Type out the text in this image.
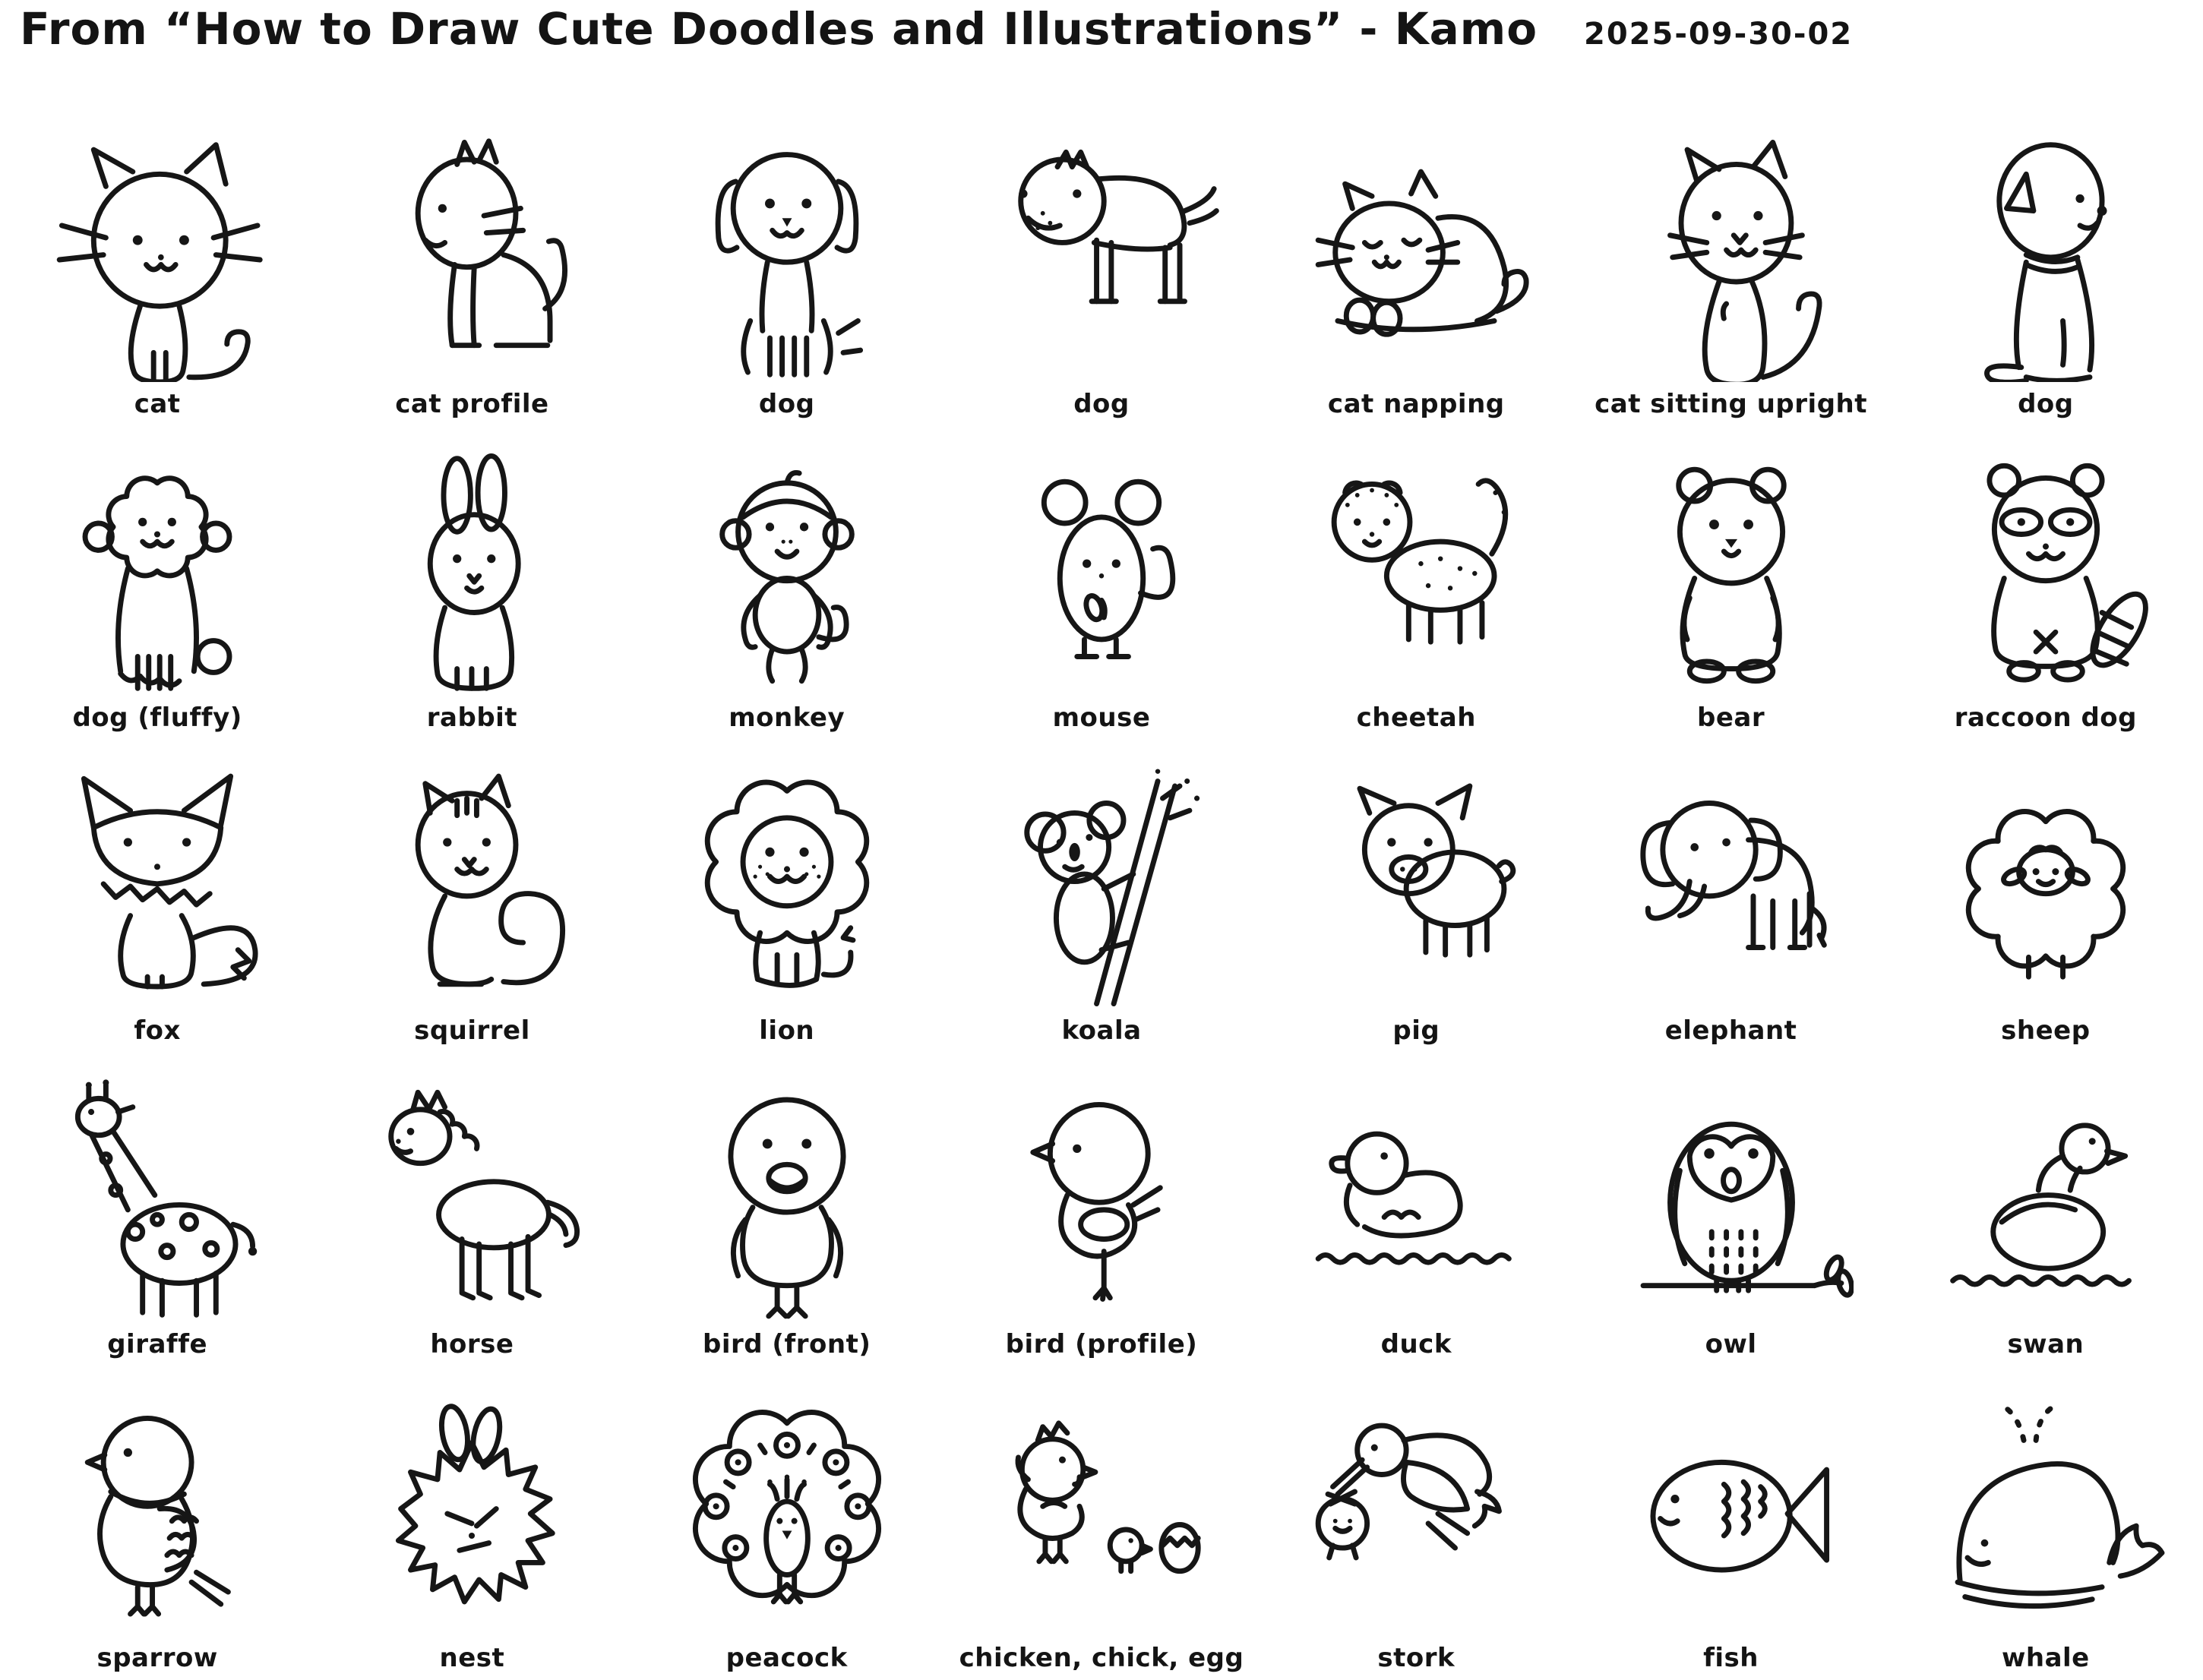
From “How to Draw Cute Doodles and Illustrations” - Kamo 2025-09-30-02
cat	cat profile	dog	dog	cat napping	cat sitting upright	dog
dog (fluffy)	rabbit	monkey	mouse	cheetah	bear	raccoon dog
fox	squirrel	lion	koala	pig	elephant	sheep
giraffe	horse	bird (front)	bird (profile)	duck	owl	swan
sparrow	nest	peacock	chicken, chick, egg	stork	fish	whale
